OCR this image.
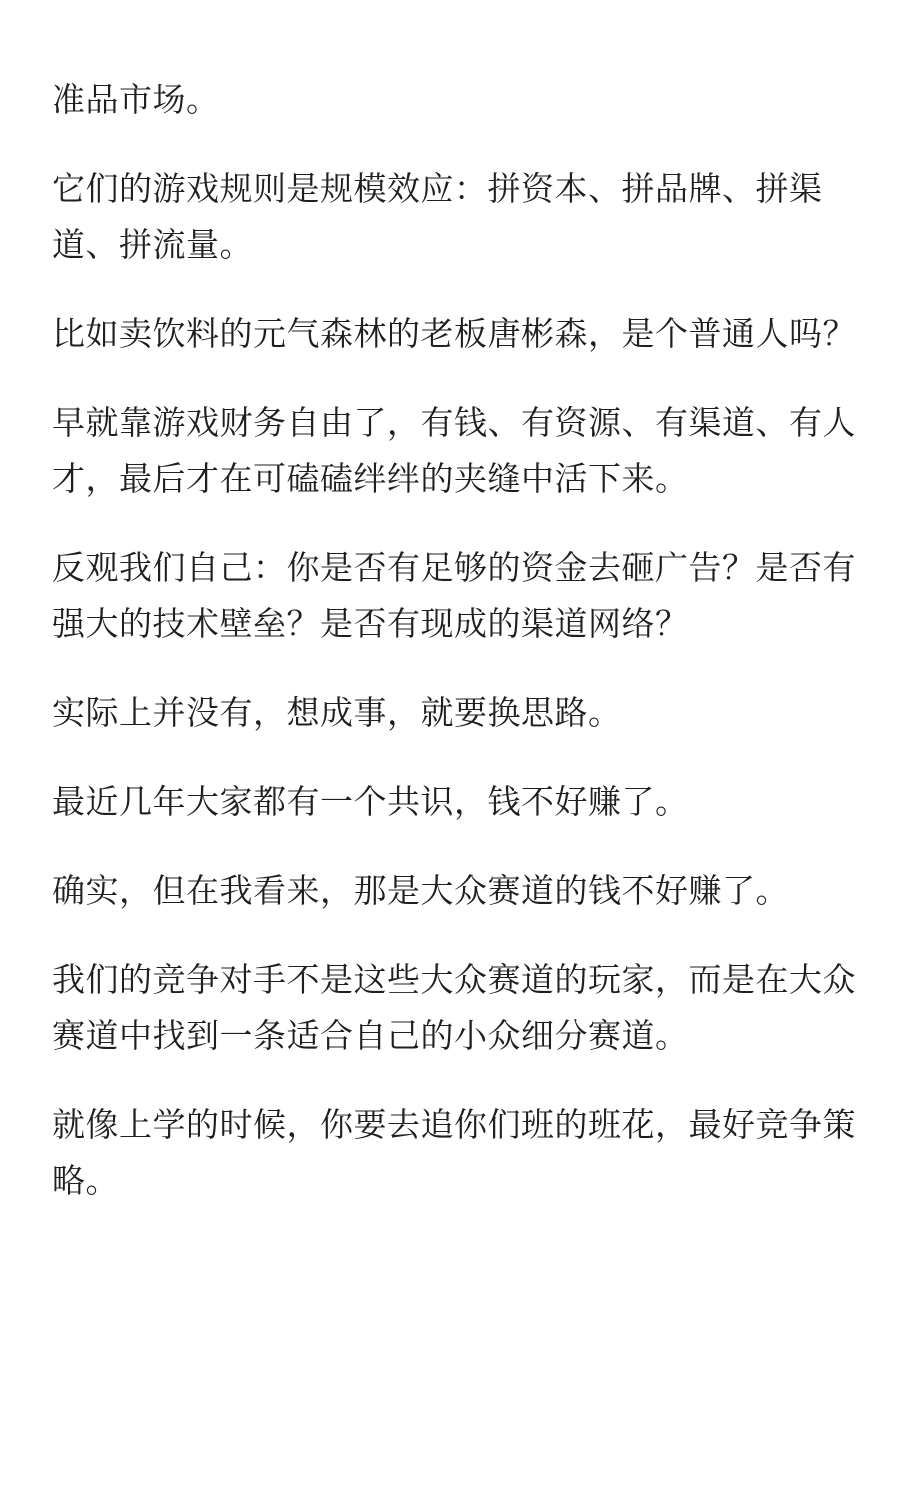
准品市场。

它们的游戏规则是规模效应：拼资本、拼品牌、拼渠道、拼流量。

比如卖饮料的元气森林的老板唐彬森，是个普通人吗？

早就靠游戏财务自由了，有钱、有资源、有渠道、有人才，最后才在可磕磕绊绊的夹缝中活下来。

反观我们自己：你是否有足够的资金去砸广告？是否有强大的技术壁垒？是否有现成的渠道网络？

实际上并没有，想成事，就要换思路。

最近几年大家都有一个共识，钱不好赚了。

确实，但在我看来，那是大众赛道的钱不好赚了。

我们的竞争对手不是这些大众赛道的玩家，而是在大众赛道中找到一条适合自己的小众细分赛道。

就像上学的时候，你要去追你们班的班花，最好竞争策略。
